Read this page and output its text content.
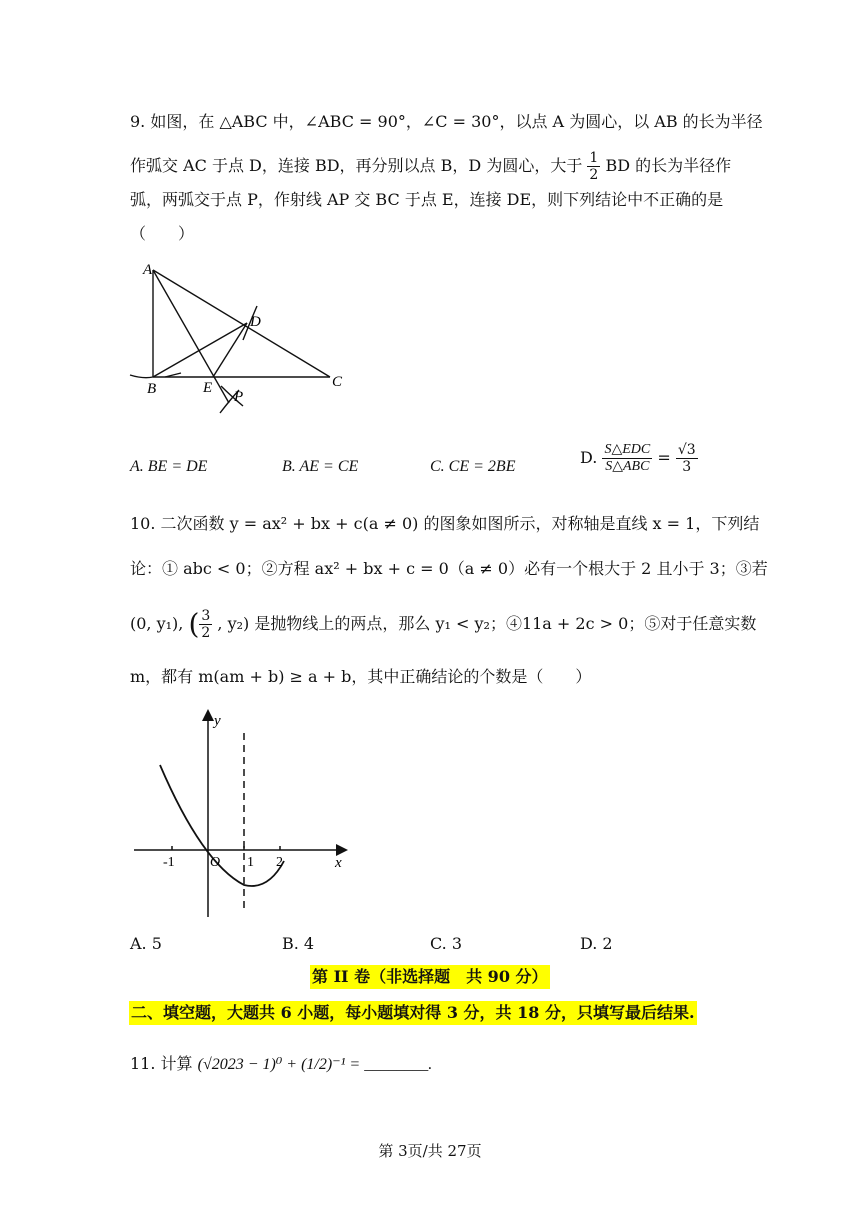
9. 如图，在 △ABC 中，∠ABC = 90°，∠C = 30°，以点 A 为圆心，以 AB 的长为半径
作弧交 AC 于点 D，连接 BD，再分别以点 B，D 为圆心，大于 $\frac{1}{2}$ BD 的长为半径作
弧，两弧交于点 P，作射线 AP 交 BC 于点 E，连接 DE，则下列结论中不正确的是
（　　）
A
B	C
D
E
P
A. BE = DE	B. AE = CE	C. CE = 2BE	D. $\frac{\text{S△EDC}}{\text{S△ABC}} = \frac{√3}{3}$
10. 二次函数 y = ax² + bx + c(a ≠ 0) 的图象如图所示，对称轴是直线 x = 1，下列结
论：① abc < 0；②方程 ax² + bx + c = 0（a ≠ 0）必有一个根大于 2 且小于 3；③若
(0, y₁), ( $\frac{3}{2}$ , y₂) 是抛物线上的两点，那么 y₁ < y₂；④11a + 2c > 0；⑤对于任意实数
m，都有 m(am + b) ≥ a + b，其中正确结论的个数是（　　）
y
x
O
-1	1 2
A. 5	B. 4	C. 3	D. 2
第 II 卷（非选择题　共 90 分）
二、填空题，大题共 6 小题，每小题填对得 3 分，共 18 分，只填写最后结果.
11. 计算 (√2023 − 1)⁰ + (1/2)⁻¹ = ________.
第 3页/共 27页
